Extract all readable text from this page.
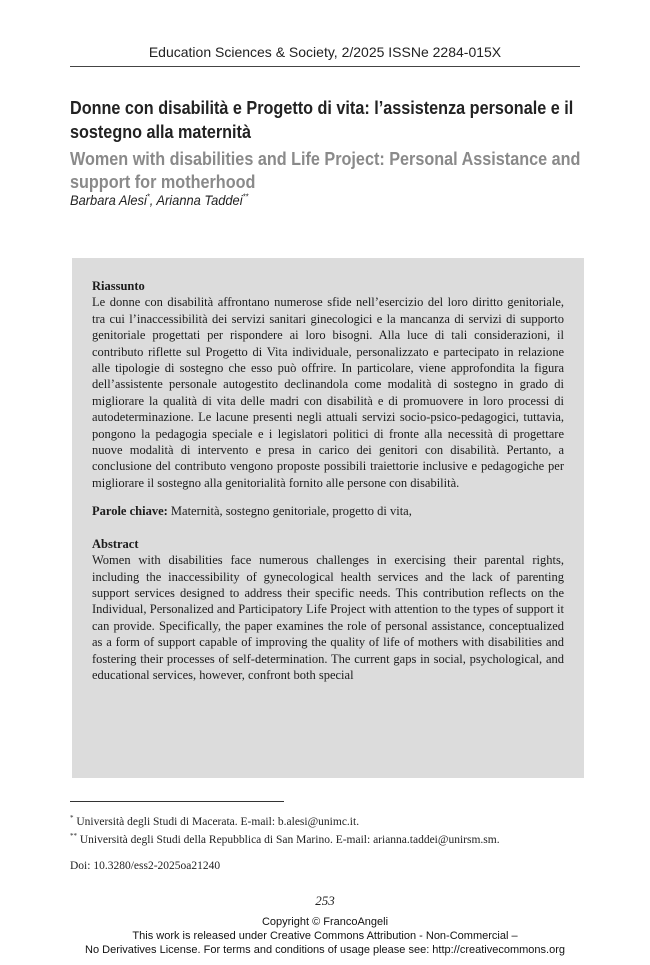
Education Sciences & Society, 2/2025 ISSNe 2284-015X
Donne con disabilità e Progetto di vita: l’assistenza personale e il sostegno alla maternità
Women with disabilities and Life Project: Personal Assistance and support for motherhood
Barbara Alesi*, Arianna Taddei**
Riassunto

Le donne con disabilità affrontano numerose sfide nell’esercizio del loro diritto genitoriale, tra cui l’inaccessibilità dei servizi sanitari ginecologici e la mancanza di servizi di supporto genitoriale progettati per rispondere ai loro bisogni. Alla luce di tali considerazioni, il contributo riflette sul Progetto di Vita individuale, personalizzato e partecipato in relazione alle tipologie di sostegno che esso può offrire. In particolare, viene approfondita la figura dell’assistente personale autogestito declinandola come modalità di sostegno in grado di migliorare la qualità di vita delle madri con disabilità e di promuovere in loro processi di autodeterminazione. Le lacune presenti negli attuali servizi socio-psico-pedagogici, tuttavia, pongono la pedagogia speciale e i legislatori politici di fronte alla necessità di progettare nuove modalità di intervento e presa in carico dei genitori con disabilità. Pertanto, a conclusione del contributo vengono proposte possibili traiettorie inclusive e pedagogiche per migliorare il sostegno alla genitorialità fornito alle persone con disabilità.

Parole chiave: Maternità, sostegno genitoriale, progetto di vita,

Abstract

Women with disabilities face numerous challenges in exercising their parental rights, including the inaccessibility of gynecological health services and the lack of parenting support services designed to address their specific needs. This contribution reflects on the Individual, Personalized and Participatory Life Project with attention to the types of support it can provide. Specifically, the paper examines the role of personal assistance, conceptualized as a form of support capable of improving the quality of life of mothers with disabilities and fostering their processes of self-determination. The current gaps in social, psychological, and educational services, however, confront both special

* Università degli Studi di Macerata. E-mail: b.alesi@unimc.it.
** Università degli Studi della Repubblica di San Marino. E-mail: arianna.taddei@unirsm.sm.
Doi: 10.3280/ess2-2025oa21240
253
Copyright © FrancoAngeli
This work is released under Creative Commons Attribution - Non-Commercial –
No Derivatives License. For terms and conditions of usage please see: http://creativecommons.org
